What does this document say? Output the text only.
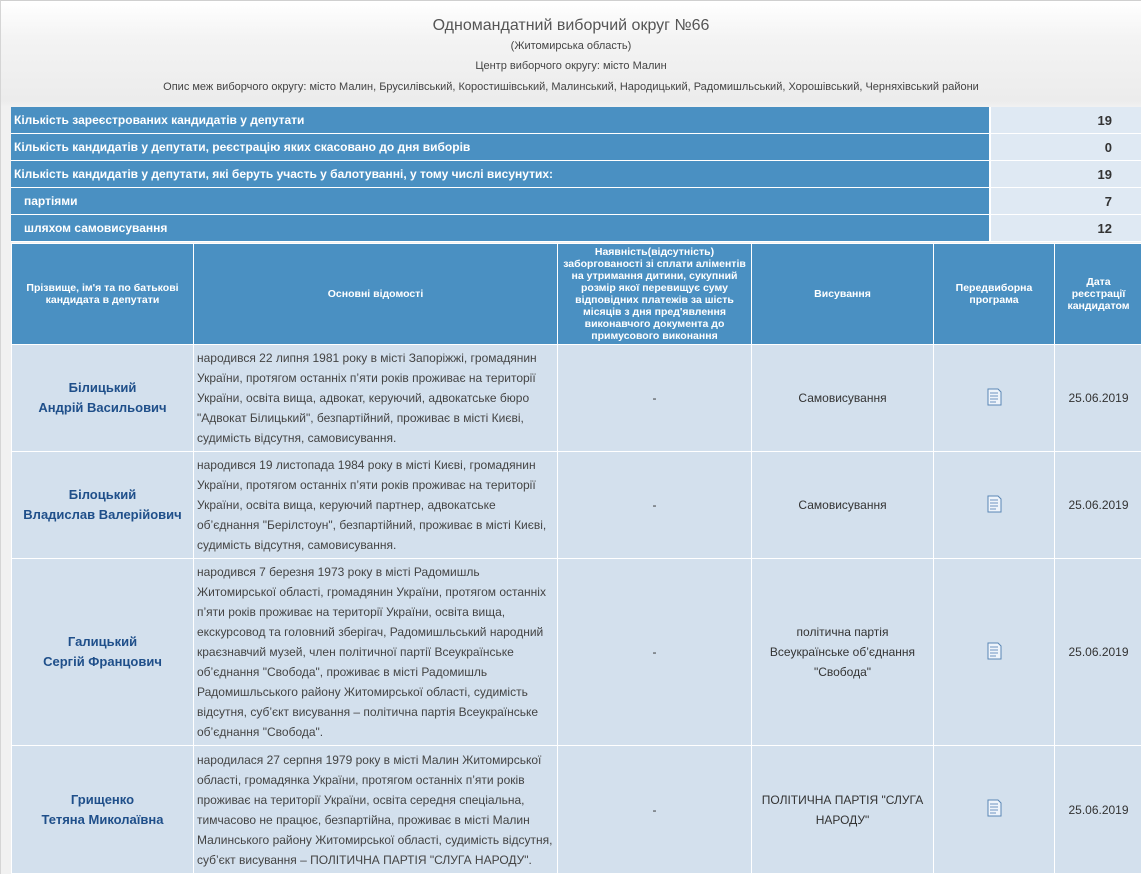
Одномандатний виборчий округ №66
(Житомирська область)
Центр виборчого округу: місто Малин
Опис меж виборчого округу: місто Малин, Брусилівський, Коростишівський, Малинський, Народицький, Радомишльський, Хорошівський, Черняхівський райони
Кількість зареєстрованих кандидатів у депутати	19
Кількість кандидатів у депутати, реєстрацію яких скасовано до дня виборів	0
Кількість кандидатів у депутати, які беруть участь у балотуванні, у тому числі висунутих:	19
партіями	7
шляхом самовисування	12
Прізвище, ім'я та по батькові кандидата в депутати	Основні відомості	Наявність(відсутність) заборгованості зі сплати аліментів на утримання дитини, сукупний розмір якої перевищує суму відповідних платежів за шість місяців з дня пред'явлення виконавчого документа до примусового виконання	Висування	Передвиборна програма	Дата реєстрації кандидатом

Білицький
Андрій Васильович	народився 22 липня 1981 року в місті Запоріжжі, громадянин України, протягом останніх п’яти років проживає на території України, освіта вища, адвокат, керуючий, адвокатське бюро "Адвокат Білицький", безпартійний, проживає в місті Києві, судимість відсутня, самовисування.	-	Самовисування		25.06.2019

Білоцький
Владислав Валерійович	народився 19 листопада 1984 року в місті Києві, громадянин України, протягом останніх п’яти років проживає на території України, освіта вища, керуючий партнер, адвокатське об’єднання "Берілстоун", безпартійний, проживає в місті Києві, судимість відсутня, самовисування.	-	Самовисування		25.06.2019

Галицький
Сергій Францович	народився 7 березня 1973 року в місті Радомишль Житомирської області, громадянин України, протягом останніх п’яти років проживає на території України, освіта вища, екскурсовод та головний зберігач, Радомишльський народний краєзнавчий музей, член політичної партії Всеукраїнське об’єднання "Свобода", проживає в місті Радомишль Радомишльського району Житомирської області, судимість відсутня, суб’єкт висування – політична партія Всеукраїнське об’єднання "Свобода".	-	політична партія Всеукраїнське об’єднання "Свобода"		25.06.2019

Грищенко
Тетяна Миколаївна	народилася 27 серпня 1979 року в місті Малин Житомирської області, громадянка України, протягом останніх п’яти років проживає на території України, освіта середня спеціальна, тимчасово не працює, безпартійна, проживає в місті Малин Малинського району Житомирської області, судимість відсутня, суб’єкт висування – ПОЛІТИЧНА ПАРТІЯ "СЛУГА НАРОДУ".	-	ПОЛІТИЧНА ПАРТІЯ "СЛУГА НАРОДУ"		25.06.2019
